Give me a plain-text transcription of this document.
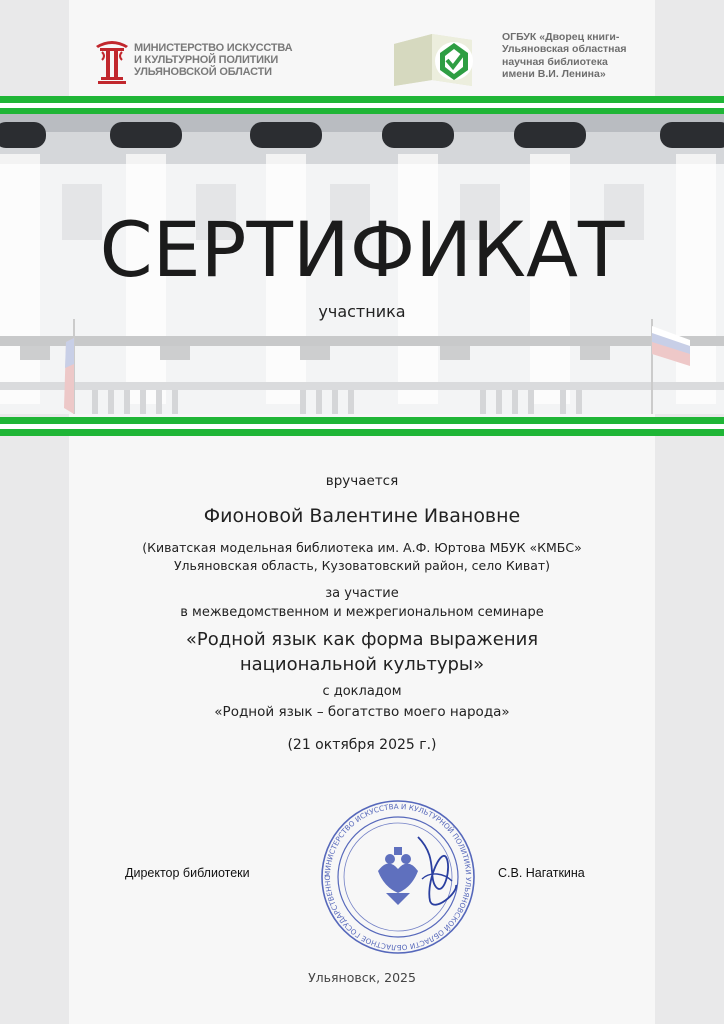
МИНИСТЕРСТВО ИСКУССТВА
И КУЛЬТУРНОЙ ПОЛИТИКИ
УЛЬЯНОВСКОЙ ОБЛАСТИ
ОГБУК «Дворец книги-
Ульяновская областная
научная библиотека
имени В.И. Ленина»
СЕРТИФИКАТ
участника
вручается
Фионовой Валентине Ивановне
(Киватская модельная библиотека им. А.Ф. Юртова МБУК «КМБС»
Ульяновская область, Кузоватовский район, село Киват)
за участие
в межведомственном и межрегиональном семинаре
«Родной язык как форма выражения
национальной культуры»
с докладом
«Родной язык – богатство моего народа»
(21 октября 2025 г.)
Директор библиотеки	МИНИСТЕРСТВО ИСКУССТВА И КУЛЬТУРНОЙ ПОЛИТИКИ УЛЬЯНОВСКОЙ ОБЛАСТИ ОБЛАСТНОЕ ГОСУДАРСТВЕННО	С.В. Нагаткина
Ульяновск, 2025
